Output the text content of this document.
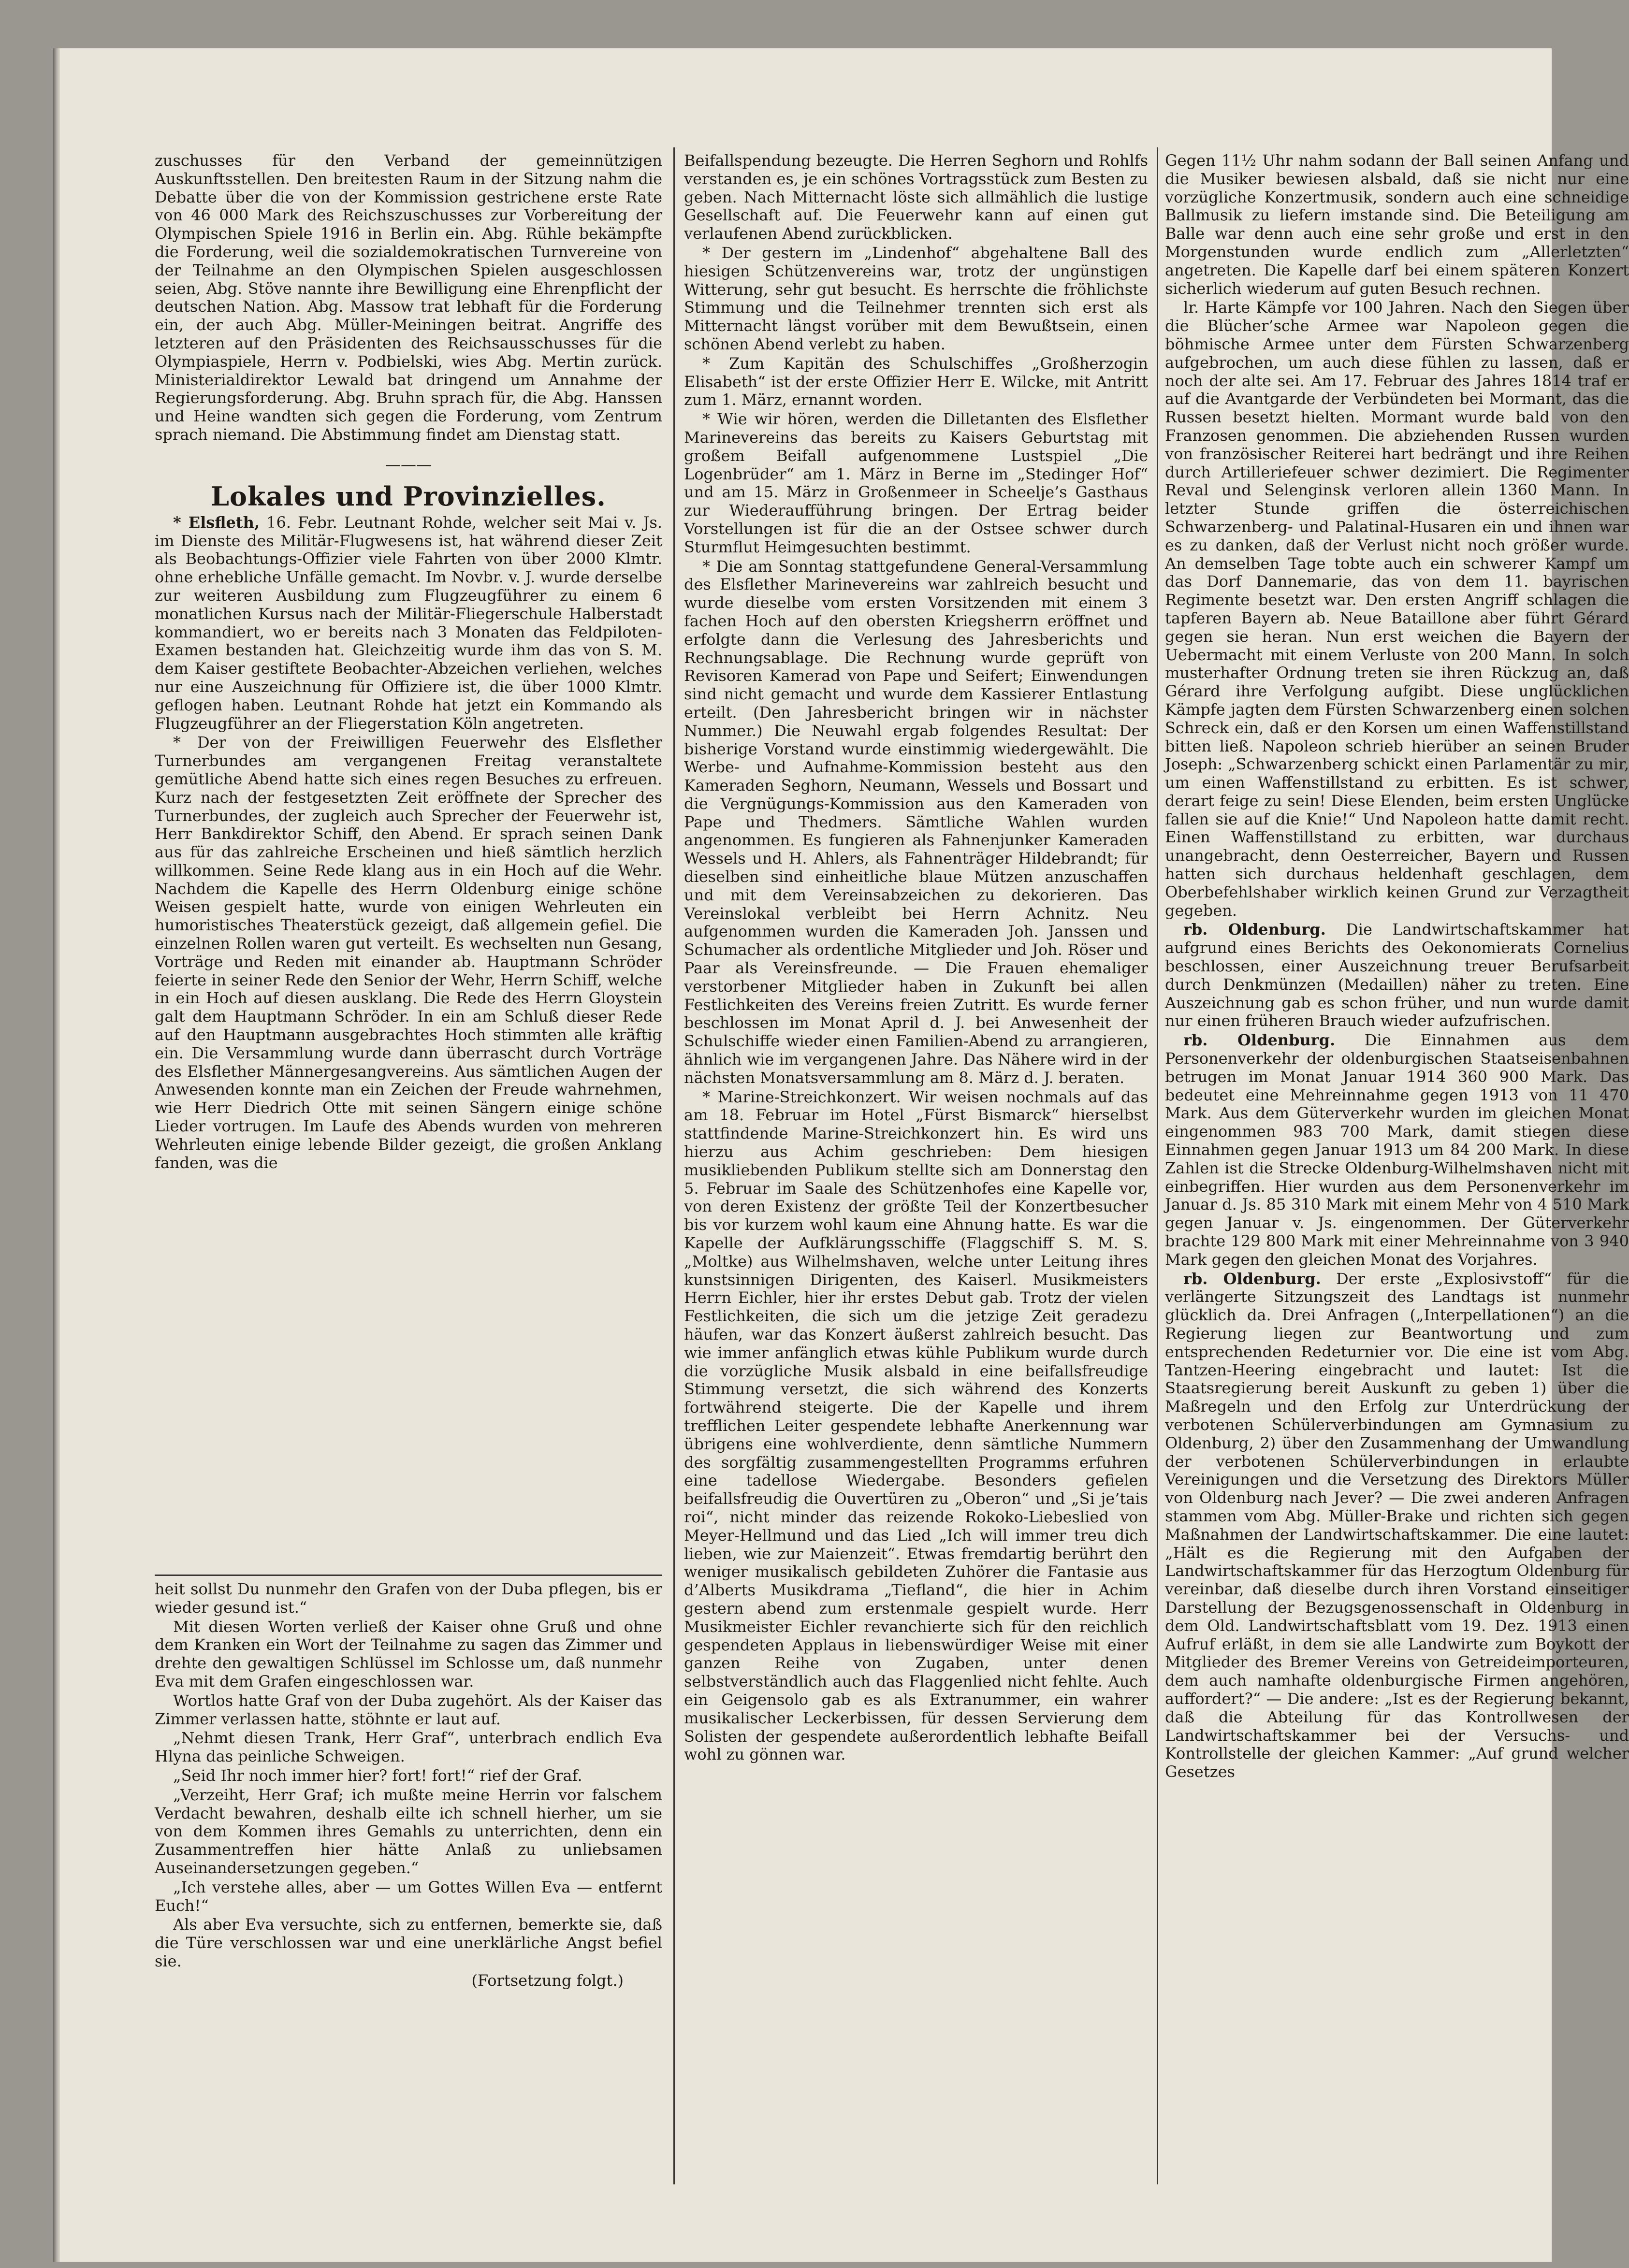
zuschusses für den Verband der gemeinnützigen Auskunftsstellen. Den breitesten Raum in der Sitzung nahm die Debatte über die von der Kommission gestrichene erste Rate von 46 000 Mark des Reichszuschusses zur Vorbereitung der Olympischen Spiele 1916 in Berlin ein. Abg. Rühle bekämpfte die Forderung, weil die sozialdemokratischen Turnvereine von der Teilnahme an den Olympischen Spielen ausgeschlossen seien, Abg. Stöve nannte ihre Bewilligung eine Ehrenpflicht der deutschen Nation. Abg. Massow trat lebhaft für die Forderung ein, der auch Abg. Müller-Meiningen beitrat. Angriffe des letzteren auf den Präsidenten des Reichsausschusses für die Olympiaspiele, Herrn v. Podbielski, wies Abg. Mertin zurück. Ministerialdirektor Lewald bat dringend um Annahme der Regierungsforderung. Abg. Bruhn sprach für, die Abg. Hanssen und Heine wandten sich gegen die Forderung, vom Zentrum sprach niemand. Die Abstimmung findet am Dienstag statt.

———

Lokales und Provinzielles.

* Elsfleth, 16. Febr. Leutnant Rohde, welcher seit Mai v. Js. im Dienste des Militär-Flugwesens ist, hat während dieser Zeit als Beobachtungs-Offizier viele Fahrten von über 2000 Klmtr. ohne erhebliche Unfälle gemacht. Im Novbr. v. J. wurde derselbe zur weiteren Ausbildung zum Flugzeugführer zu einem 6 monatlichen Kursus nach der Militär-Fliegerschule Halberstadt kommandiert, wo er bereits nach 3 Monaten das Feldpiloten-Examen bestanden hat. Gleichzeitig wurde ihm das von S. M. dem Kaiser gestiftete Beobachter-Abzeichen verliehen, welches nur eine Auszeichnung für Offiziere ist, die über 1000 Klmtr. geflogen haben. Leutnant Rohde hat jetzt ein Kommando als Flugzeugführer an der Fliegerstation Köln angetreten.

* Der von der Freiwilligen Feuerwehr des Elsflether Turnerbundes am vergangenen Freitag veranstaltete gemütliche Abend hatte sich eines regen Besuches zu erfreuen. Kurz nach der festgesetzten Zeit eröffnete der Sprecher des Turnerbundes, der zugleich auch Sprecher der Feuerwehr ist, Herr Bankdirektor Schiff, den Abend. Er sprach seinen Dank aus für das zahlreiche Erscheinen und hieß sämtlich herzlich willkommen. Seine Rede klang aus in ein Hoch auf die Wehr. Nachdem die Kapelle des Herrn Oldenburg einige schöne Weisen gespielt hatte, wurde von einigen Wehrleuten ein humoristisches Theaterstück gezeigt, daß allgemein gefiel. Die einzelnen Rollen waren gut verteilt. Es wechselten nun Gesang, Vorträge und Reden mit einander ab. Hauptmann Schröder feierte in seiner Rede den Senior der Wehr, Herrn Schiff, welche in ein Hoch auf diesen ausklang. Die Rede des Herrn Gloystein galt dem Hauptmann Schröder. In ein am Schluß dieser Rede auf den Hauptmann ausgebrachtes Hoch stimmten alle kräftig ein. Die Versammlung wurde dann überrascht durch Vorträge des Elsflether Männergesangvereins. Aus sämtlichen Augen der Anwesenden konnte man ein Zeichen der Freude wahrnehmen, wie Herr Diedrich Otte mit seinen Sängern einige schöne Lieder vortrugen. Im Laufe des Abends wurden von mehreren Wehrleuten einige lebende Bilder gezeigt, die großen Anklang fanden, was die

heit sollst Du nunmehr den Grafen von der Duba pflegen, bis er wieder gesund ist.“

Mit diesen Worten verließ der Kaiser ohne Gruß und ohne dem Kranken ein Wort der Teilnahme zu sagen das Zimmer und drehte den gewaltigen Schlüssel im Schlosse um, daß nunmehr Eva mit dem Grafen eingeschlossen war.

Wortlos hatte Graf von der Duba zugehört. Als der Kaiser das Zimmer verlassen hatte, stöhnte er laut auf.

„Nehmt diesen Trank, Herr Graf“, unterbrach endlich Eva Hlyna das peinliche Schweigen.

„Seid Ihr noch immer hier? fort! fort!“ rief der Graf.

„Verzeiht, Herr Graf; ich mußte meine Herrin vor falschem Verdacht bewahren, deshalb eilte ich schnell hierher, um sie von dem Kommen ihres Gemahls zu unterrichten, denn ein Zusammentreffen hier hätte Anlaß zu unliebsamen Auseinandersetzungen gegeben.“

„Ich verstehe alles, aber — um Gottes Willen Eva — entfernt Euch!“

Als aber Eva versuchte, sich zu entfernen, bemerkte sie, daß die Türe verschlossen war und eine unerklärliche Angst befiel sie.

(Fortsetzung folgt.)

Beifallspendung bezeugte. Die Herren Seghorn und Rohlfs verstanden es, je ein schönes Vortragsstück zum Besten zu geben. Nach Mitternacht löste sich allmählich die lustige Gesellschaft auf. Die Feuerwehr kann auf einen gut verlaufenen Abend zurückblicken.

* Der gestern im „Lindenhof“ abgehaltene Ball des hiesigen Schützenvereins war, trotz der ungünstigen Witterung, sehr gut besucht. Es herrschte die fröhlichste Stimmung und die Teilnehmer trennten sich erst als Mitternacht längst vorüber mit dem Bewußtsein, einen schönen Abend verlebt zu haben.

* Zum Kapitän des Schulschiffes „Großherzogin Elisabeth“ ist der erste Offizier Herr E. Wilcke, mit Antritt zum 1. März, ernannt worden.

* Wie wir hören, werden die Dilletanten des Elsflether Marinevereins das bereits zu Kaisers Geburtstag mit großem Beifall aufgenommene Lustspiel „Die Logenbrüder“ am 1. März in Berne im „Stedinger Hof“ und am 15. März in Großenmeer in Scheelje’s Gasthaus zur Wiederaufführung bringen. Der Ertrag beider Vorstellungen ist für die an der Ostsee schwer durch Sturmflut Heimgesuchten bestimmt.

* Die am Sonntag stattgefundene General-Versammlung des Elsflether Marinevereins war zahlreich besucht und wurde dieselbe vom ersten Vorsitzenden mit einem 3 fachen Hoch auf den obersten Kriegsherrn eröffnet und erfolgte dann die Verlesung des Jahresberichts und Rechnungsablage. Die Rechnung wurde geprüft von Revisoren Kamerad von Pape und Seifert; Einwendungen sind nicht gemacht und wurde dem Kassierer Entlastung erteilt. (Den Jahresbericht bringen wir in nächster Nummer.) Die Neuwahl ergab folgendes Resultat: Der bisherige Vorstand wurde einstimmig wiedergewählt. Die Werbe- und Aufnahme-Kommission besteht aus den Kameraden Seghorn, Neumann, Wessels und Bossart und die Vergnügungs-Kommission aus den Kameraden von Pape und Thedmers. Sämtliche Wahlen wurden angenommen. Es fungieren als Fahnenjunker Kameraden Wessels und H. Ahlers, als Fahnenträger Hildebrandt; für dieselben sind einheitliche blaue Mützen anzuschaffen und mit dem Vereinsabzeichen zu dekorieren. Das Vereinslokal verbleibt bei Herrn Achnitz. Neu aufgenommen wurden die Kameraden Joh. Janssen und Schumacher als ordentliche Mitglieder und Joh. Röser und Paar als Vereinsfreunde. — Die Frauen ehemaliger verstorbener Mitglieder haben in Zukunft bei allen Festlichkeiten des Vereins freien Zutritt. Es wurde ferner beschlossen im Monat April d. J. bei Anwesenheit der Schulschiffe wieder einen Familien-Abend zu arrangieren, ähnlich wie im vergangenen Jahre. Das Nähere wird in der nächsten Monatsversammlung am 8. März d. J. beraten.

* Marine-Streichkonzert. Wir weisen nochmals auf das am 18. Februar im Hotel „Fürst Bismarck“ hierselbst stattfindende Marine-Streichkonzert hin. Es wird uns hierzu aus Achim geschrieben: Dem hiesigen musikliebenden Publikum stellte sich am Donnerstag den 5. Februar im Saale des Schützenhofes eine Kapelle vor, von deren Existenz der größte Teil der Konzertbesucher bis vor kurzem wohl kaum eine Ahnung hatte. Es war die Kapelle der Aufklärungsschiffe (Flaggschiff S. M. S. „Moltke) aus Wilhelmshaven, welche unter Leitung ihres kunstsinnigen Dirigenten, des Kaiserl. Musikmeisters Herrn Eichler, hier ihr erstes Debut gab. Trotz der vielen Festlichkeiten, die sich um die jetzige Zeit geradezu häufen, war das Konzert äußerst zahlreich besucht. Das wie immer anfänglich etwas kühle Publikum wurde durch die vorzügliche Musik alsbald in eine beifallsfreudige Stimmung versetzt, die sich während des Konzerts fortwährend steigerte. Die der Kapelle und ihrem trefflichen Leiter gespendete lebhafte Anerkennung war übrigens eine wohlverdiente, denn sämtliche Nummern des sorgfältig zusammengestellten Programms erfuhren eine tadellose Wiedergabe. Besonders gefielen beifallsfreudig die Ouvertüren zu „Oberon“ und „Si je’tais roi“, nicht minder das reizende Rokoko-Liebeslied von Meyer-Hellmund und das Lied „Ich will immer treu dich lieben, wie zur Maienzeit“. Etwas fremdartig berührt den weniger musikalisch gebildeten Zuhörer die Fantasie aus d’Alberts Musikdrama „Tiefland“, die hier in Achim gestern abend zum erstenmale gespielt wurde. Herr Musikmeister Eichler revanchierte sich für den reichlich gespendeten Applaus in liebenswürdiger Weise mit einer ganzen Reihe von Zugaben, unter denen selbstverständlich auch das Flaggenlied nicht fehlte. Auch ein Geigensolo gab es als Extranummer, ein wahrer musikalischer Leckerbissen, für dessen Servierung dem Solisten der gespendete außerordentlich lebhafte Beifall wohl zu gönnen war.

Gegen 11½ Uhr nahm sodann der Ball seinen Anfang und die Musiker bewiesen alsbald, daß sie nicht nur eine vorzügliche Konzertmusik, sondern auch eine schneidige Ballmusik zu liefern imstande sind. Die Beteiligung am Balle war denn auch eine sehr große und erst in den Morgenstunden wurde endlich zum „Allerletzten“ angetreten. Die Kapelle darf bei einem späteren Konzert sicherlich wiederum auf guten Besuch rechnen.

lr. Harte Kämpfe vor 100 Jahren. Nach den Siegen über die Blücher’sche Armee war Napoleon gegen die böhmische Armee unter dem Fürsten Schwarzenberg aufgebrochen, um auch diese fühlen zu lassen, daß er noch der alte sei. Am 17. Februar des Jahres 1814 traf er auf die Avantgarde der Verbündeten bei Mormant, das die Russen besetzt hielten. Mormant wurde bald von den Franzosen genommen. Die abziehenden Russen wurden von französischer Reiterei hart bedrängt und ihre Reihen durch Artilleriefeuer schwer dezimiert. Die Regimenter Reval und Selenginsk verloren allein 1360 Mann. In letzter Stunde griffen die österreichischen Schwarzenberg- und Palatinal-Husaren ein und ihnen war es zu danken, daß der Verlust nicht noch größer wurde. An demselben Tage tobte auch ein schwerer Kampf um das Dorf Dannemarie, das von dem 11. bayrischen Regimente besetzt war. Den ersten Angriff schlagen die tapferen Bayern ab. Neue Bataillone aber führt Gérard gegen sie heran. Nun erst weichen die Bayern der Uebermacht mit einem Verluste von 200 Mann. In solch musterhafter Ordnung treten sie ihren Rückzug an, daß Gérard ihre Verfolgung aufgibt. Diese unglücklichen Kämpfe jagten dem Fürsten Schwarzenberg einen solchen Schreck ein, daß er den Korsen um einen Waffenstillstand bitten ließ. Napoleon schrieb hierüber an seinen Bruder Joseph: „Schwarzenberg schickt einen Parlamentär zu mir, um einen Waffenstillstand zu erbitten. Es ist schwer, derart feige zu sein! Diese Elenden, beim ersten Unglücke fallen sie auf die Knie!“ Und Napoleon hatte damit recht. Einen Waffenstillstand zu erbitten, war durchaus unangebracht, denn Oesterreicher, Bayern und Russen hatten sich durchaus heldenhaft geschlagen, dem Oberbefehlshaber wirklich keinen Grund zur Verzagtheit gegeben.

rb. Oldenburg. Die Landwirtschaftskammer hat aufgrund eines Berichts des Oekonomierats Cornelius beschlossen, einer Auszeichnung treuer Berufsarbeit durch Denkmünzen (Medaillen) näher zu treten. Eine Auszeichnung gab es schon früher, und nun wurde damit nur einen früheren Brauch wieder aufzufrischen.

rb. Oldenburg. Die Einnahmen aus dem Personenverkehr der oldenburgischen Staatseisenbahnen betrugen im Monat Januar 1914 360 900 Mark. Das bedeutet eine Mehreinnahme gegen 1913 von 11 470 Mark. Aus dem Güterverkehr wurden im gleichen Monat eingenommen 983 700 Mark, damit stiegen diese Einnahmen gegen Januar 1913 um 84 200 Mark. In diese Zahlen ist die Strecke Oldenburg-Wilhelmshaven nicht mit einbegriffen. Hier wurden aus dem Personenverkehr im Januar d. Js. 85 310 Mark mit einem Mehr von 4 510 Mark gegen Januar v. Js. eingenommen. Der Güterverkehr brachte 129 800 Mark mit einer Mehreinnahme von 3 940 Mark gegen den gleichen Monat des Vorjahres.

rb. Oldenburg. Der erste „Explosivstoff“ für die verlängerte Sitzungszeit des Landtags ist nunmehr glücklich da. Drei Anfragen („Interpellationen“) an die Regierung liegen zur Beantwortung und zum entsprechenden Redeturnier vor. Die eine ist vom Abg. Tantzen-Heering eingebracht und lautet: Ist die Staatsregierung bereit Auskunft zu geben 1) über die Maßregeln und den Erfolg zur Unterdrückung der verbotenen Schülerverbindungen am Gymnasium zu Oldenburg, 2) über den Zusammenhang der Umwandlung der verbotenen Schülerverbindungen in erlaubte Vereinigungen und die Versetzung des Direktors Müller von Oldenburg nach Jever? — Die zwei anderen Anfragen stammen vom Abg. Müller-Brake und richten sich gegen Maßnahmen der Landwirtschaftskammer. Die eine lautet: „Hält es die Regierung mit den Aufgaben der Landwirtschaftskammer für das Herzogtum Oldenburg für vereinbar, daß dieselbe durch ihren Vorstand einseitiger Darstellung der Bezugsgenossenschaft in Oldenburg in dem Old. Landwirtschaftsblatt vom 19. Dez. 1913 einen Aufruf erläßt, in dem sie alle Landwirte zum Boykott der Mitglieder des Bremer Vereins von Getreideimporteuren, dem auch namhafte oldenburgische Firmen angehören, auffordert?“ — Die andere: „Ist es der Regierung bekannt, daß die Abteilung für das Kontrollwesen der Landwirtschaftskammer bei der Versuchs- und Kontrollstelle der gleichen Kammer: „Auf grund welcher Gesetzes
